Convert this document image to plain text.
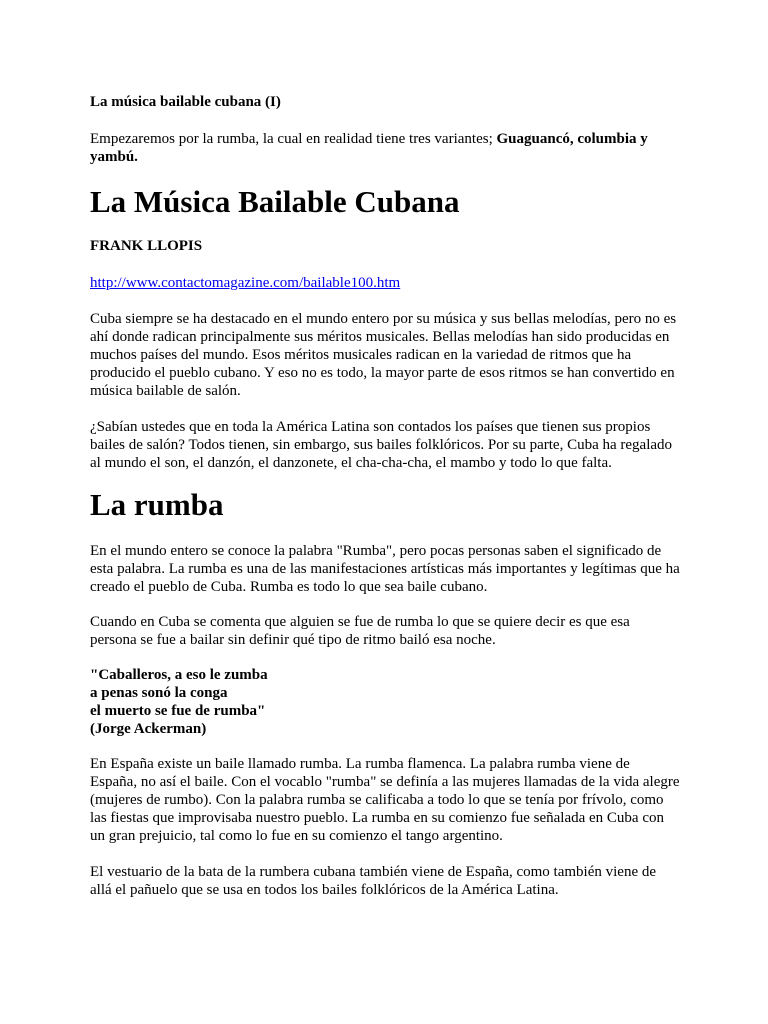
La música bailable cubana (I)

Empezaremos por la rumba, la cual en realidad tiene tres variantes; Guaguancó, columbia y yambú.

La Música Bailable Cubana
FRANK LLOPIS
http://www.contactomagazine.com/bailable100.htm

Cuba siempre se ha destacado en el mundo entero por su música y sus bellas melodías, pero no es ahí donde radican principalmente sus méritos musicales. Bellas melodías han sido producidas en muchos países del mundo. Esos méritos musicales radican en la variedad de ritmos que ha producido el pueblo cubano. Y eso no es todo, la mayor parte de esos ritmos se han convertido en música bailable de salón.

¿Sabían ustedes que en toda la América Latina son contados los países que tienen sus propios bailes de salón? Todos tienen, sin embargo, sus bailes folklóricos. Por su parte, Cuba ha regalado al mundo el son, el danzón, el danzonete, el cha-cha-cha, el mambo y todo lo que falta.

La rumba

En el mundo entero se conoce la palabra "Rumba", pero pocas personas saben el significado de esta palabra. La rumba es una de las manifestaciones artísticas más importantes y legítimas que ha creado el pueblo de Cuba. Rumba es todo lo que sea baile cubano.

Cuando en Cuba se comenta que alguien se fue de rumba lo que se quiere decir es que esa persona se fue a bailar sin definir qué tipo de ritmo bailó esa noche.

"Caballeros, a eso le zumba
a penas sonó la conga
el muerto se fue de rumba"
(Jorge Ackerman)

En España existe un baile llamado rumba. La rumba flamenca. La palabra rumba viene de España, no así el baile. Con el vocablo "rumba" se definía a las mujeres llamadas de la vida alegre (mujeres de rumbo). Con la palabra rumba se calificaba a todo lo que se tenía por frívolo, como las fiestas que improvisaba nuestro pueblo. La rumba en su comienzo fue señalada en Cuba con un gran prejuicio, tal como lo fue en su comienzo el tango argentino.

El vestuario de la bata de la rumbera cubana también viene de España, como también viene de allá el pañuelo que se usa en todos los bailes folklóricos de la América Latina.
